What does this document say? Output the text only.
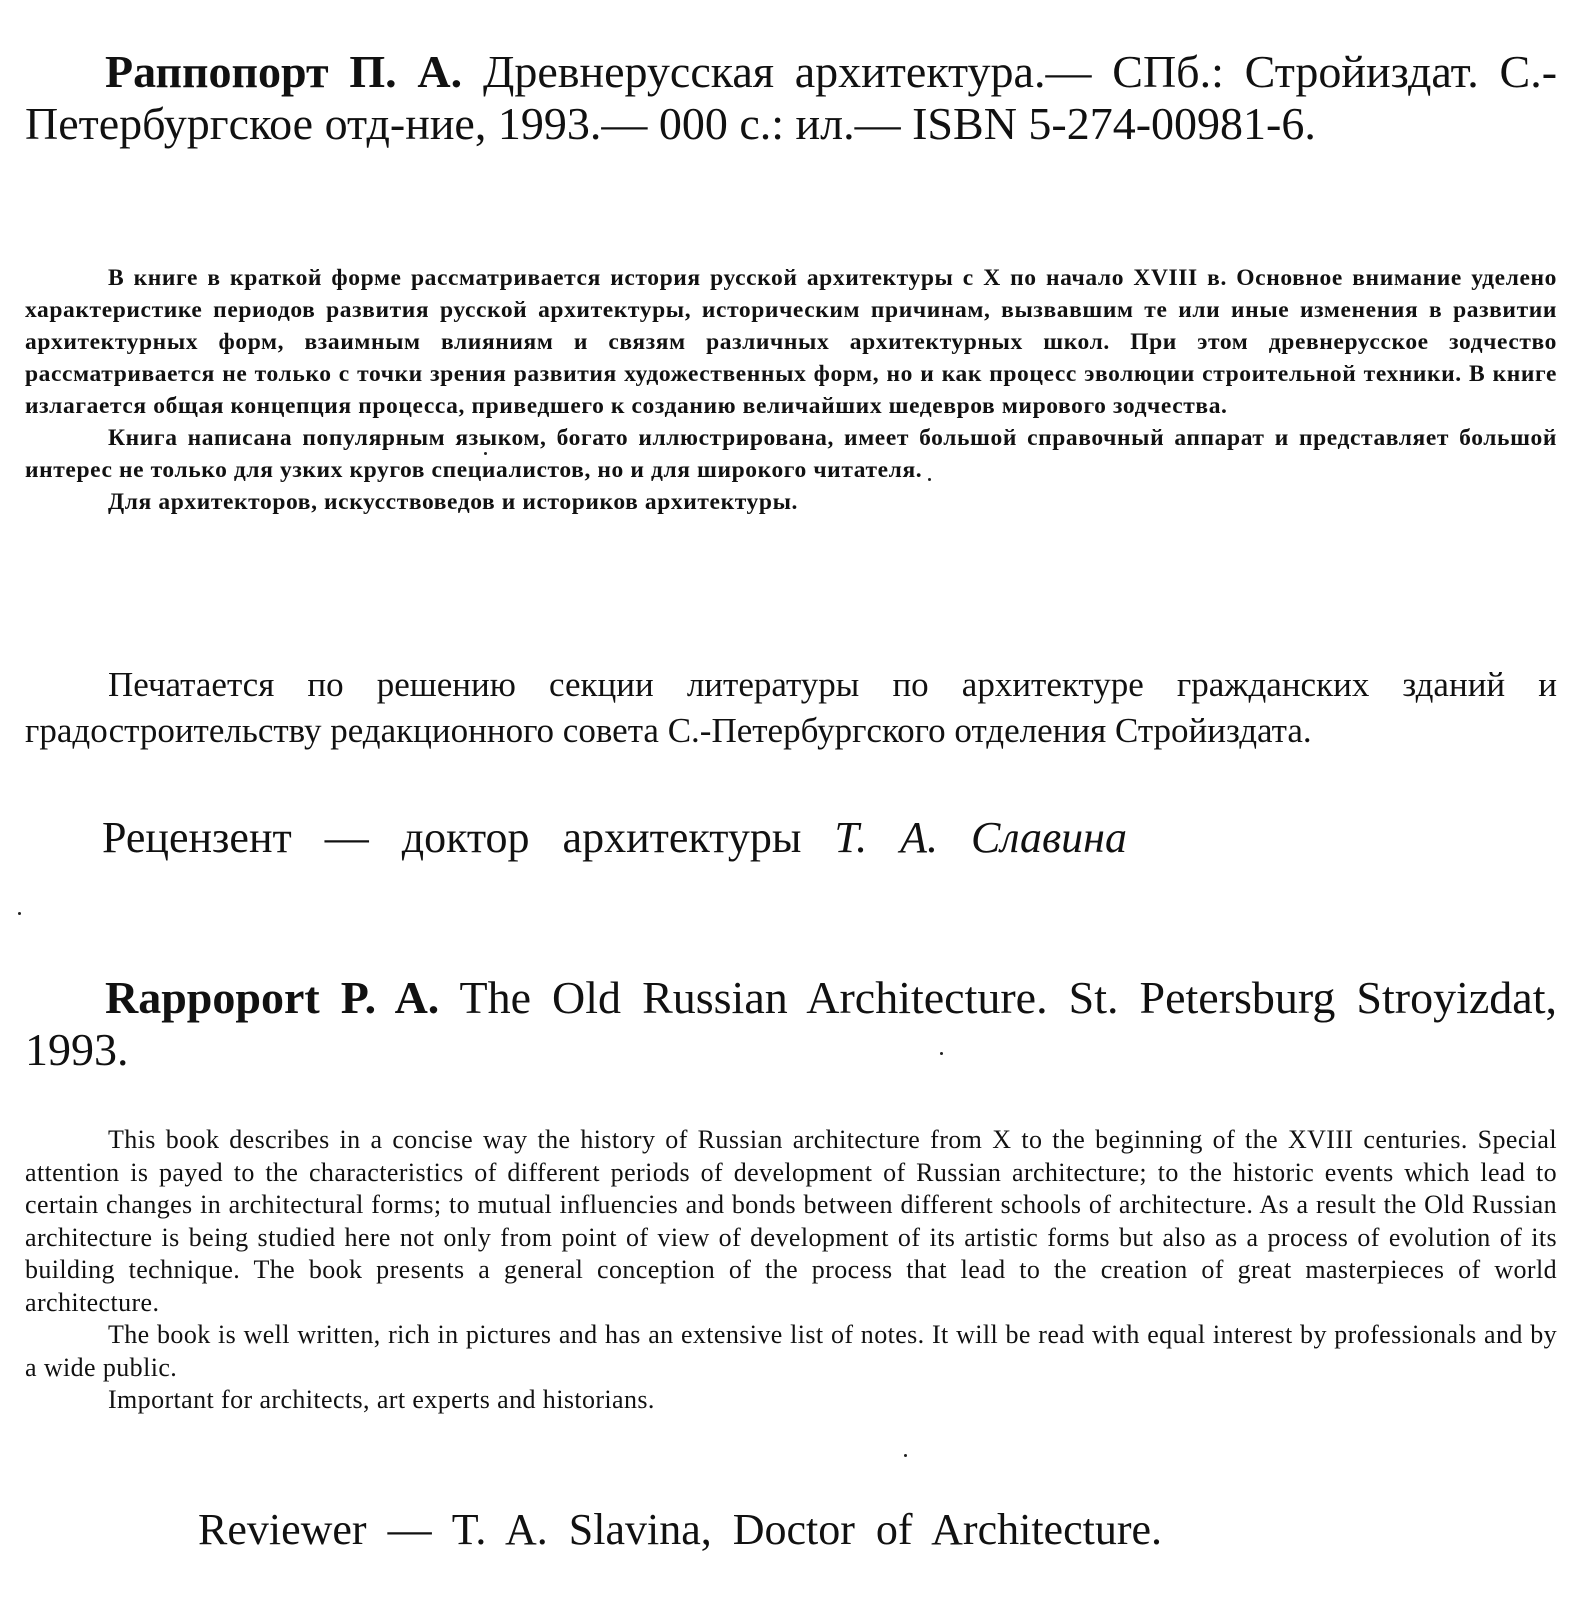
Раппопорт П. А. Древнерусская архитектура.— СПб.: Стройиздат. С.-Петербургское отд-ние, 1993.— 000 с.: ил.— ISBN 5-274-00981-6.

В книге в краткой форме рассматривается история русской архитектуры с X по начало XVIII в. Основное внимание уделено характеристике периодов развития русской архитектуры, историческим причинам, вызвавшим те или иные изменения в развитии архитектурных форм, взаимным влияниям и связям различных архитектурных школ. При этом древнерусское зодчество рассматривается не только с точки зрения развития художественных форм, но и как процесс эволюции строительной техники. В книге излагается общая концепция процесса, приведшего к созданию величайших шедевров мирового зодчества.

Книга написана популярным языком, богато иллюстрирована, имеет большой справочный аппарат и представляет большой интерес не только для узких кругов специалистов, но и для широкого читателя.

Для архитекторов, искусствоведов и историков архитектуры.

Печатается по решению секции литературы по архитектуре гражданских зданий и градостроительству редакционного совета С.-Петербургского отделения Стройиздата.
Рецензент — доктор архитектуры Т. А. Славина
Rappoport P. A. The Old Russian Architecture. St. Petersburg Stroyizdat, 1993.

This book describes in a concise way the history of Russian architecture from X to the beginning of the XVIII centuries. Special attention is payed to the characteristics of different periods of development of Russian architecture; to the historic events which lead to certain changes in architectural forms; to mutual influencies and bonds between different schools of architecture. As a result the Old Russian architecture is being studied here not only from point of view of development of its artistic forms but also as a process of evolution of its building technique. The book presents a general conception of the process that lead to the creation of great masterpieces of world architecture.

The book is well written, rich in pictures and has an extensive list of notes. It will be read with equal interest by professionals and by a wide public.

Important for architects, art experts and historians.

Reviewer — T. A. Slavina, Doctor of Architecture.
